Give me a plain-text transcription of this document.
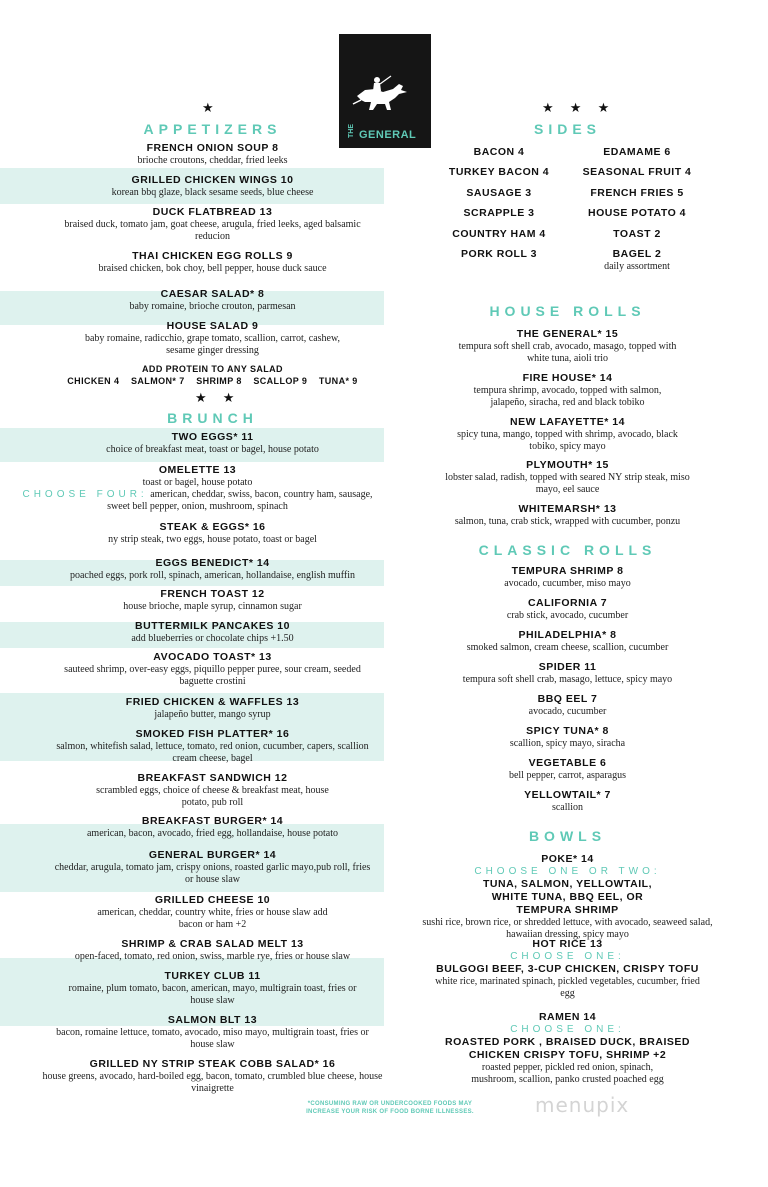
THE GENERAL
★
★ ★
★ ★ ★
APPETIZERS
FRENCH ONION SOUP 8
brioche croutons, cheddar, fried leeks
GRILLED CHICKEN WINGS 10
korean bbq glaze, black sesame seeds, blue cheese
DUCK FLATBREAD 13
braised duck, tomato jam, goat cheese, arugula, fried leeks, aged balsamic reducion
THAI CHICKEN EGG ROLLS 9
braised chicken, bok choy, bell pepper, house duck sauce
CAESAR SALAD* 8
baby romaine, brioche crouton, parmesan
HOUSE SALAD 9
baby romaine, radicchio, grape tomato, scallion, carrot, cashew, sesame ginger dressing
ADD PROTEIN TO ANY SALAD
CHICKEN 4    SALMON* 7    SHRIMP 8    SCALLOP 9    TUNA* 9
BRUNCH
TWO EGGS* 11
choice of breakfast meat, toast or bagel, house potato
OMELETTE 13
toast or bagel, house potato
CHOOSE FOUR: american, cheddar, swiss, bacon, country ham, sausage, sweet bell pepper, onion, mushroom, spinach
STEAK & EGGS* 16
ny strip steak, two eggs, house potato, toast or bagel
EGGS BENEDICT* 14
poached eggs, pork roll, spinach, american, hollandaise, english muffin
FRENCH TOAST 12
house brioche, maple syrup, cinnamon sugar
BUTTERMILK PANCAKES 10
add blueberries or chocolate chips +1.50
AVOCADO TOAST* 13
sauteed shrimp, over-easy eggs, piquillo pepper puree, sour cream, seeded baguette crostini
FRIED CHICKEN & WAFFLES 13
jalapeño butter, mango syrup
SMOKED FISH PLATTER* 16
salmon, whitefish salad, lettuce, tomato, red onion, cucumber, capers, scallion cream cheese, bagel
BREAKFAST SANDWICH 12
scrambled eggs, choice of cheese & breakfast meat, house potato, pub roll
BREAKFAST BURGER* 14
american, bacon, avocado, fried egg, hollandaise, house potato
GENERAL BURGER* 14
cheddar, arugula, tomato jam, crispy onions, roasted garlic mayo,pub roll, fries or house slaw
GRILLED CHEESE 10
american, cheddar, country white, fries or house slaw add bacon or ham +2
SHRIMP & CRAB SALAD MELT 13
open-faced, tomato, red onion, swiss, marble rye, fries or house slaw
TURKEY CLUB 11
romaine, plum tomato, bacon, american, mayo, multigrain toast, fries or house slaw
SALMON BLT 13
bacon, romaine lettuce, tomato, avocado, miso mayo, multigrain toast, fries or house slaw
GRILLED NY STRIP STEAK COBB SALAD* 16
house greens, avocado, hard-boiled egg, bacon, tomato, crumbled blue cheese, house vinaigrette
SIDES
BACON 4
TURKEY BACON 4
SAUSAGE 3
SCRAPPLE 3
COUNTRY HAM 4
PORK ROLL 3
EDAMAME 6
SEASONAL FRUIT 4
FRENCH FRIES 5
HOUSE POTATO 4
TOAST 2
BAGEL 2
daily assortment
HOUSE ROLLS
THE GENERAL* 15
tempura soft shell crab, avocado, masago, topped with white tuna, aioli trio
FIRE HOUSE* 14
tempura shrimp, avocado, topped with salmon, jalapeño, siracha, red and black tobiko
NEW LAFAYETTE* 14
spicy tuna, mango, topped with shrimp, avocado, black tobiko, spicy mayo
PLYMOUTH* 15
lobster salad, radish, topped with seared NY strip steak, miso mayo, eel sauce
WHITEMARSH* 13
salmon, tuna, crab stick, wrapped with cucumber, ponzu
CLASSIC ROLLS
TEMPURA SHRIMP 8
avocado, cucumber, miso mayo
CALIFORNIA 7
crab stick, avocado, cucumber
PHILADELPHIA* 8
smoked salmon, cream cheese, scallion, cucumber
SPIDER 11
tempura soft shell crab, masago, lettuce, spicy mayo
BBQ EEL 7
avocado, cucumber
SPICY TUNA* 8
scallion, spicy mayo, siracha
VEGETABLE 6
bell pepper, carrot, asparagus
YELLOWTAIL* 7
scallion
BOWLS
POKE* 14
CHOOSE ONE OR TWO:
TUNA, SALMON, YELLOWTAIL, WHITE TUNA, BBQ EEL, OR TEMPURA SHRIMP
sushi rice, brown rice, or shredded lettuce, with avocado, seaweed salad, hawaiian dressing, spicy mayo
HOT RICE 13
CHOOSE ONE:
BULGOGI BEEF, 3-CUP CHICKEN, CRISPY TOFU
white rice, marinated spinach, pickled vegetables, cucumber, fried egg
RAMEN 14
CHOOSE ONE:
ROASTED PORK , BRAISED DUCK, BRAISED CHICKEN CRISPY TOFU, SHRIMP +2
roasted pepper, pickled red onion, spinach, mushroom, scallion, panko crusted poached egg
*CONSUMING RAW OR UNDERCOOKED FOODS MAY INCREASE YOUR RISK OF FOOD BORNE ILLNESSES.	menupix
